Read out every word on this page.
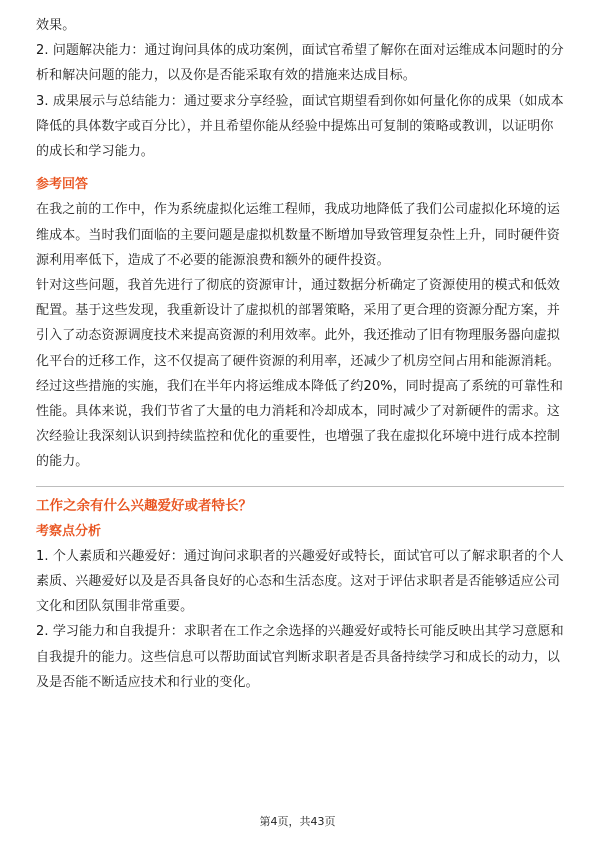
效果。

2. 问题解决能力：通过询问具体的成功案例，面试官希望了解你在面对运维成本问题时的分析和解决问题的能力，以及你是否能采取有效的措施来达成目标。

3. 成果展示与总结能力：通过要求分享经验，面试官期望看到你如何量化你的成果（如成本降低的具体数字或百分比），并且希望你能从经验中提炼出可复制的策略或教训，以证明你的成长和学习能力。

参考回答

在我之前的工作中，作为系统虚拟化运维工程师，我成功地降低了我们公司虚拟化环境的运维成本。当时我们面临的主要问题是虚拟机数量不断增加导致管理复杂性上升，同时硬件资源利用率低下，造成了不必要的能源浪费和额外的硬件投资。

针对这些问题，我首先进行了彻底的资源审计，通过数据分析确定了资源使用的模式和低效配置。基于这些发现，我重新设计了虚拟机的部署策略，采用了更合理的资源分配方案，并引入了动态资源调度技术来提高资源的利用效率。此外，我还推动了旧有物理服务器向虚拟化平台的迁移工作，这不仅提高了硬件资源的利用率，还减少了机房空间占用和能源消耗。

经过这些措施的实施，我们在半年内将运维成本降低了约20%，同时提高了系统的可靠性和性能。具体来说，我们节省了大量的电力消耗和冷却成本，同时减少了对新硬件的需求。这次经验让我深刻认识到持续监控和优化的重要性，也增强了我在虚拟化环境中进行成本控制的能力。

工作之余有什么兴趣爱好或者特长？
考察点分析

1. 个人素质和兴趣爱好：通过询问求职者的兴趣爱好或特长，面试官可以了解求职者的个人素质、兴趣爱好以及是否具备良好的心态和生活态度。这对于评估求职者是否能够适应公司文化和团队氛围非常重要。

2. 学习能力和自我提升：求职者在工作之余选择的兴趣爱好或特长可能反映出其学习意愿和自我提升的能力。这些信息可以帮助面试官判断求职者是否具备持续学习和成长的动力，以及是否能不断适应技术和行业的变化。

第4页，共43页
